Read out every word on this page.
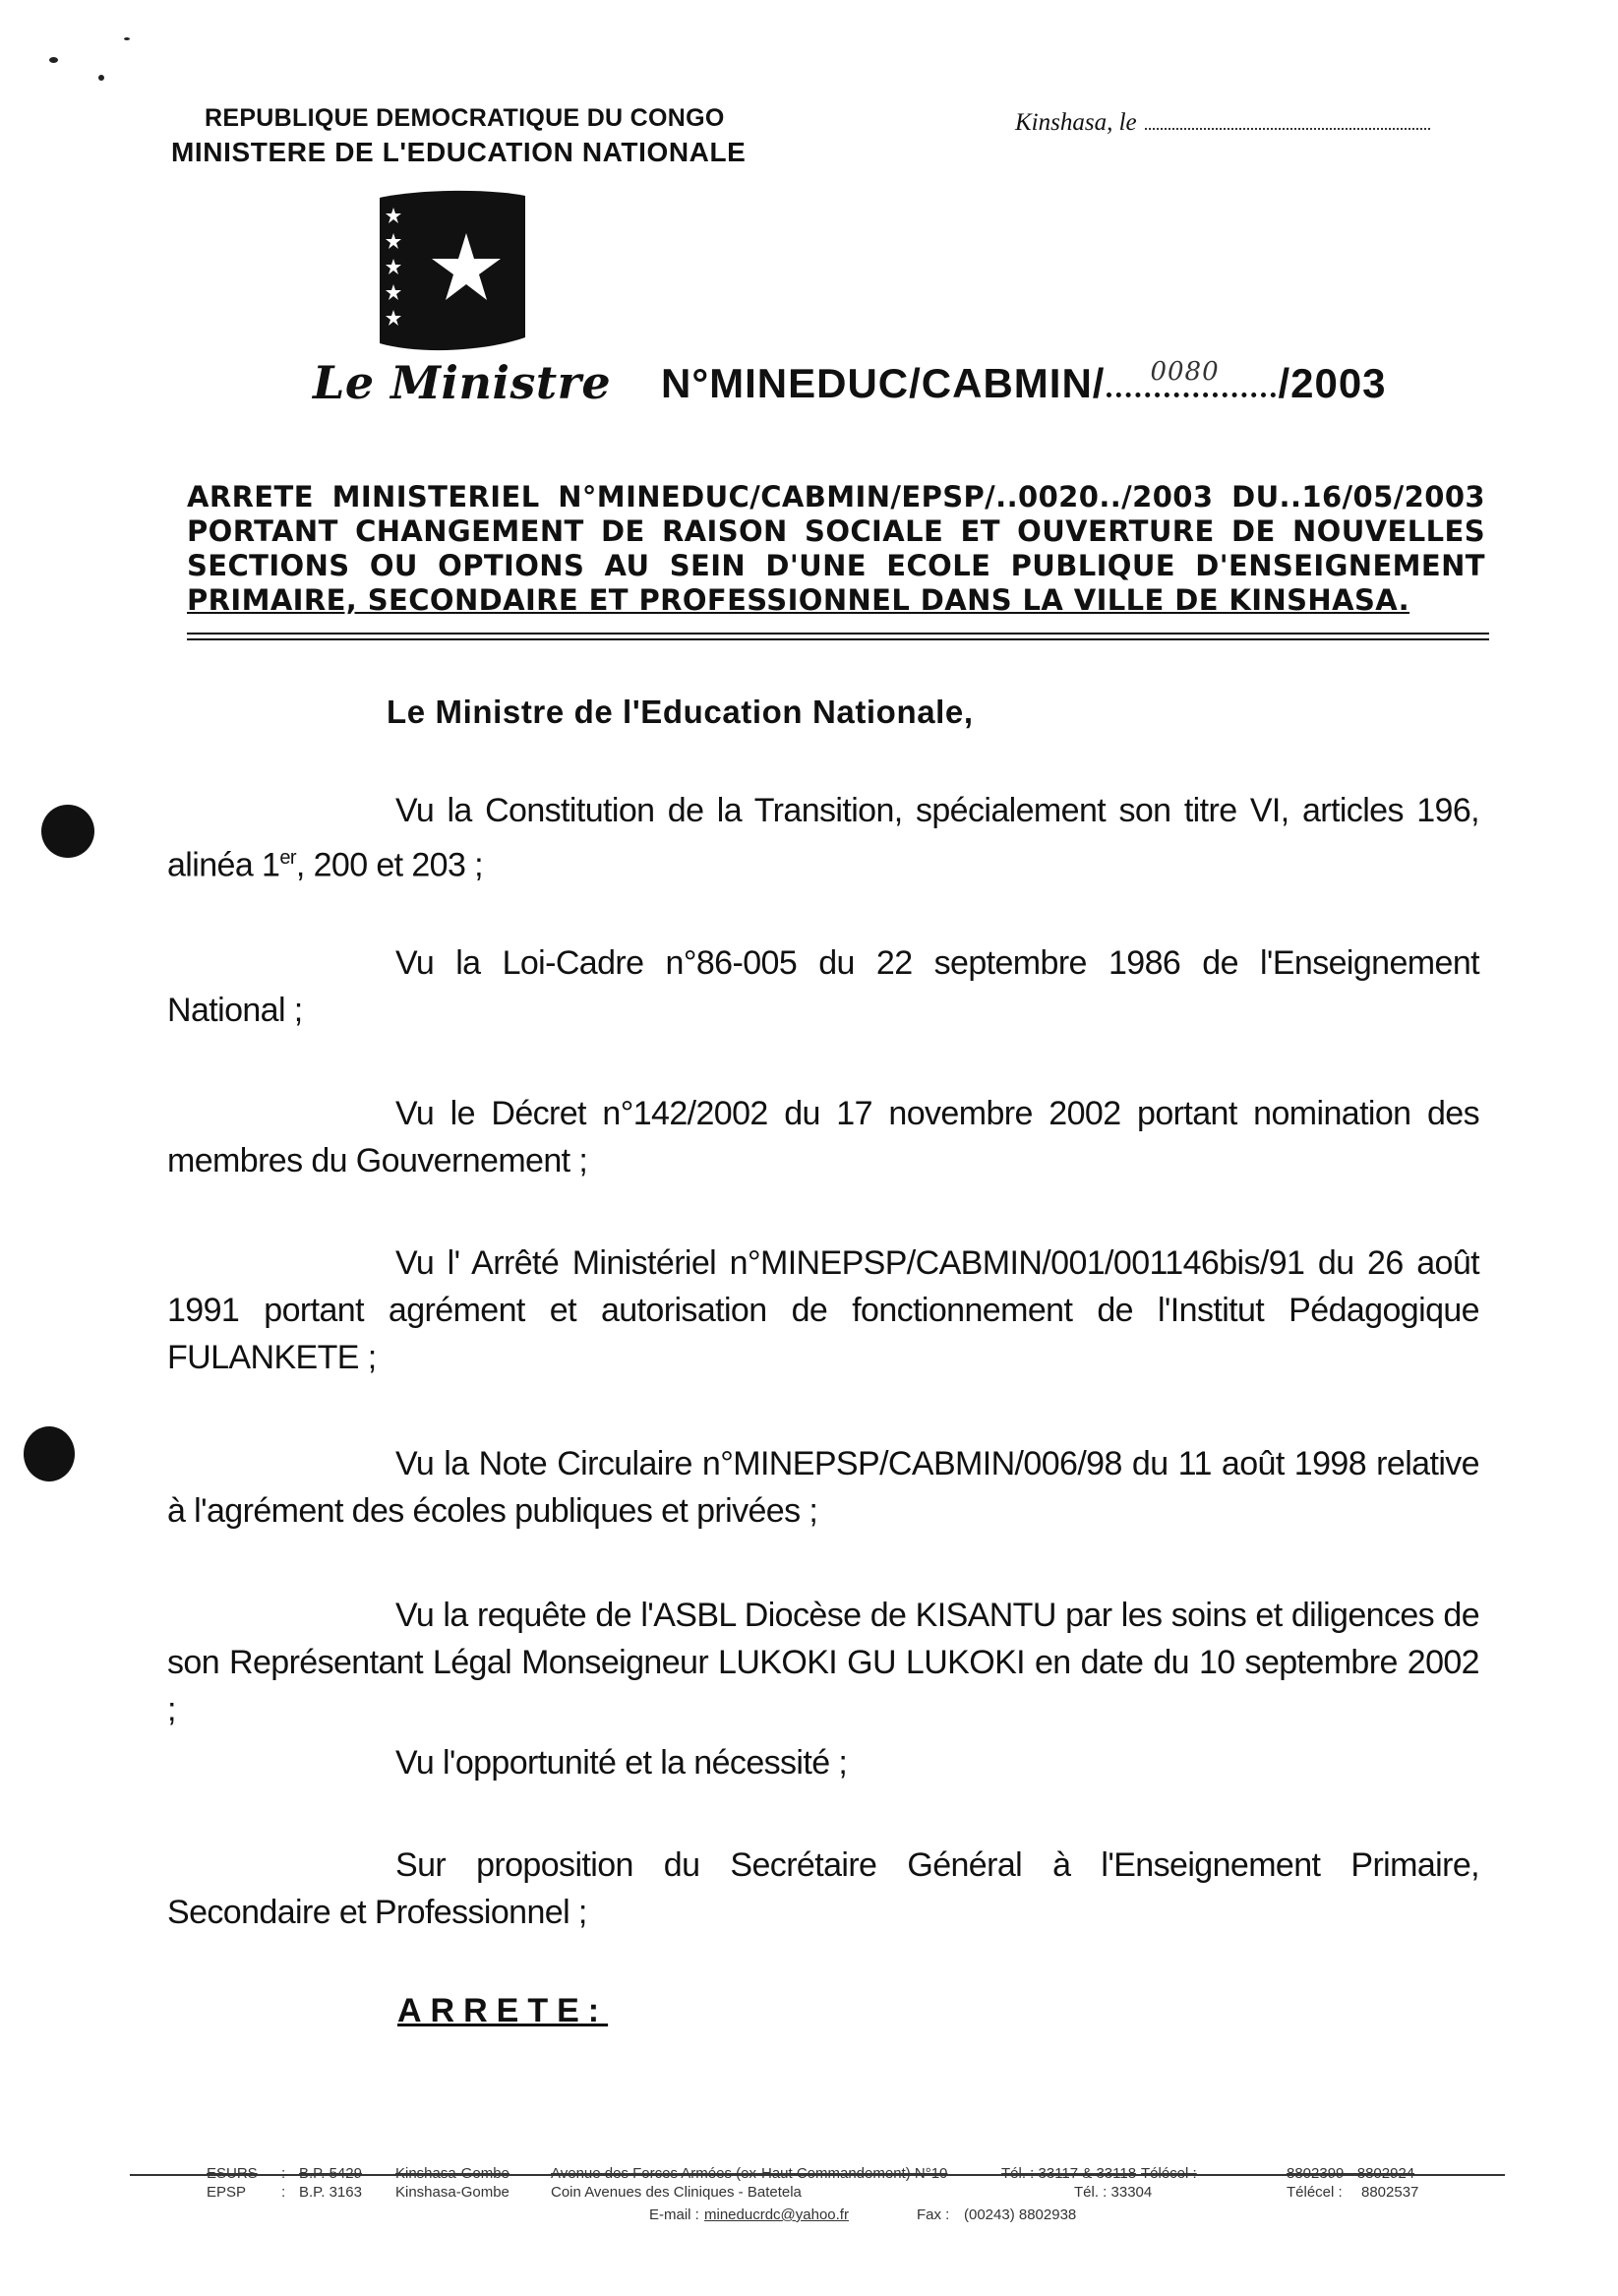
REPUBLIQUE DEMOCRATIQUE DU CONGO
MINISTERE DE L'EDUCATION NATIONALE
Kinshasa, le
Le Ministre N°MINEDUC/CABMIN/ 0080 /2003
ARRETE MINISTERIEL N°MINEDUC/CABMIN/EPSP/..0020../2003 DU..16/05/2003
PORTANT CHANGEMENT DE RAISON SOCIALE ET OUVERTURE DE NOUVELLES
SECTIONS OU OPTIONS AU SEIN D'UNE ECOLE PUBLIQUE D'ENSEIGNEMENT
PRIMAIRE, SECONDAIRE ET PROFESSIONNEL DANS LA VILLE DE KINSHASA.
Le Ministre de l'Education Nationale,
Vu la Constitution de la Transition, spécialement son titre VI, articles 196, alinéa 1er, 200 et 203 ;
Vu la Loi-Cadre n°86-005 du 22 septembre 1986 de l'Enseignement National ;
Vu le Décret n°142/2002 du 17 novembre 2002 portant nomination des membres du Gouvernement ;
Vu l' Arrêté Ministériel n°MINEPSP/CABMIN/001/001146bis/91 du 26 août 1991 portant agrément et autorisation de fonctionnement de l'Institut Pédagogique FULANKETE ;
Vu la Note Circulaire n°MINEPSP/CABMIN/006/98 du 11 août 1998 relative à l'agrément des écoles publiques et privées ;
Vu la requête de l'ASBL Diocèse de KISANTU par les soins et diligences de son Représentant Légal Monseigneur LUKOKI GU LUKOKI en date du 10 septembre 2002 ;
Vu l'opportunité et la nécessité ;
Sur proposition du Secrétaire Général à l'Enseignement Primaire, Secondaire et Professionnel ;
ARRETE:
ESURS : B.P. 5429 Kinshasa-Gombe	Avenue des Forces Armées (ex-Haut Commandement) N°10	Tél. : 33117 & 33118 Télécel :	8802399 - 8802924
EPSP : B.P. 3163 Kinshasa-Gombe	Coin Avenues des Cliniques - Batetela	Tél. : 33304	Télécel : 8802537
E-mail : mineducrdc@yahoo.fr	Fax : (00243) 8802938
